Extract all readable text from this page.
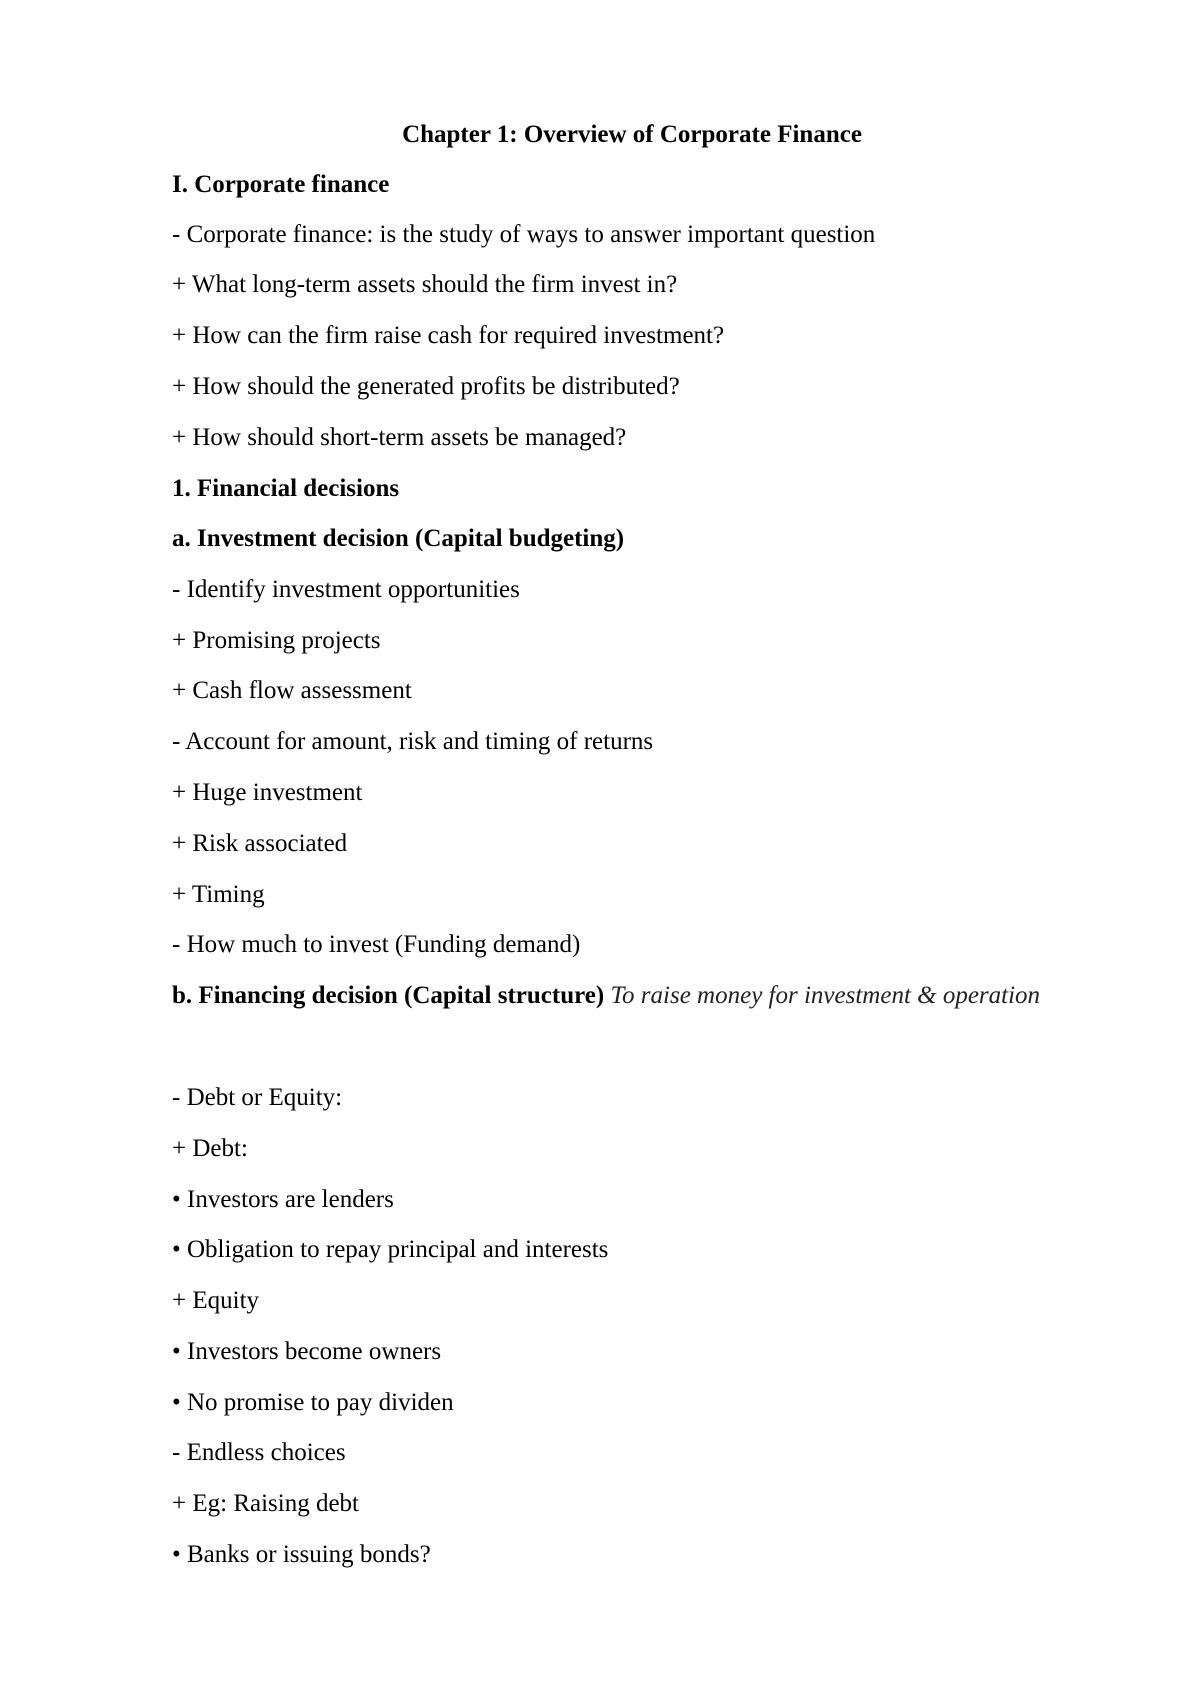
Chapter 1: Overview of Corporate Finance
I. Corporate finance
- Corporate finance: is the study of ways to answer important question
+ What long-term assets should the firm invest in?
+ How can the firm raise cash for required investment?
+ How should the generated profits be distributed?
+ How should short-term assets be managed?
1. Financial decisions
a. Investment decision (Capital budgeting)
- Identify investment opportunities
+ Promising projects
+ Cash flow assessment
- Account for amount, risk and timing of returns
+ Huge investment
+ Risk associated
+ Timing
- How much to invest (Funding demand)
b. Financing decision (Capital structure) To raise money for investment & operation
- Debt or Equity:
+ Debt:
• Investors are lenders
• Obligation to repay principal and interests
+ Equity
• Investors become owners
• No promise to pay dividen
- Endless choices
+ Eg: Raising debt
• Banks or issuing bonds?
